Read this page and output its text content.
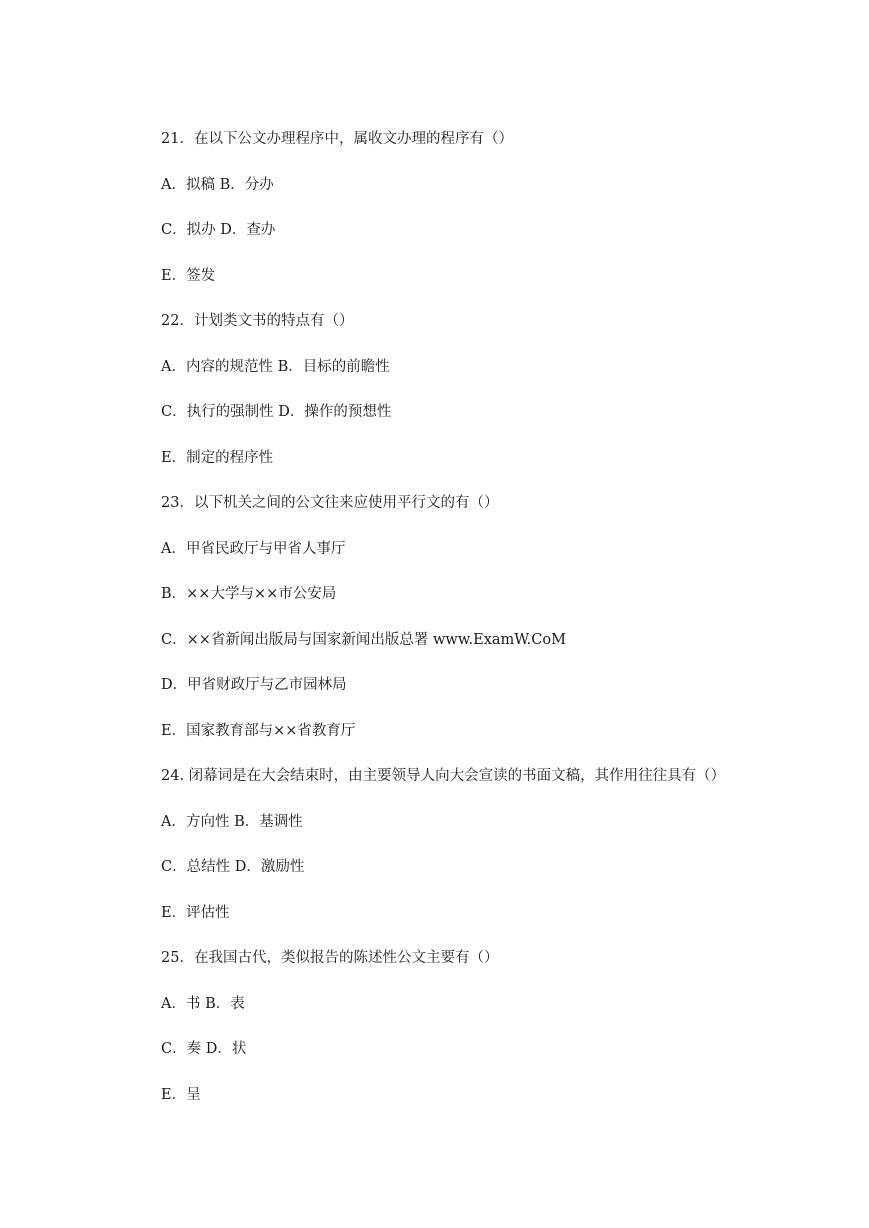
21．在以下公文办理程序中，属收文办理的程序有（）
A．拟稿 B．分办
C．拟办 D．查办
E．签发
22．计划类文书的特点有（）
A．内容的规范性 B．目标的前瞻性
C．执行的强制性 D．操作的预想性
E．制定的程序性
23．以下机关之间的公文往来应使用平行文的有（）
A．甲省民政厅与甲省人事厅
B．××大学与××市公安局
C．××省新闻出版局与国家新闻出版总署 www.ExamW.CoM
D．甲省财政厅与乙市园林局
E．国家教育部与××省教育厅
24. 闭幕词是在大会结束时，由主要领导人向大会宣读的书面文稿，其作用往往具有（）
A．方向性 B．基调性
C．总结性 D．激励性
E．评估性
25．在我国古代，类似报告的陈述性公文主要有（）
A．书 B．表
C．奏 D．状
E．呈
